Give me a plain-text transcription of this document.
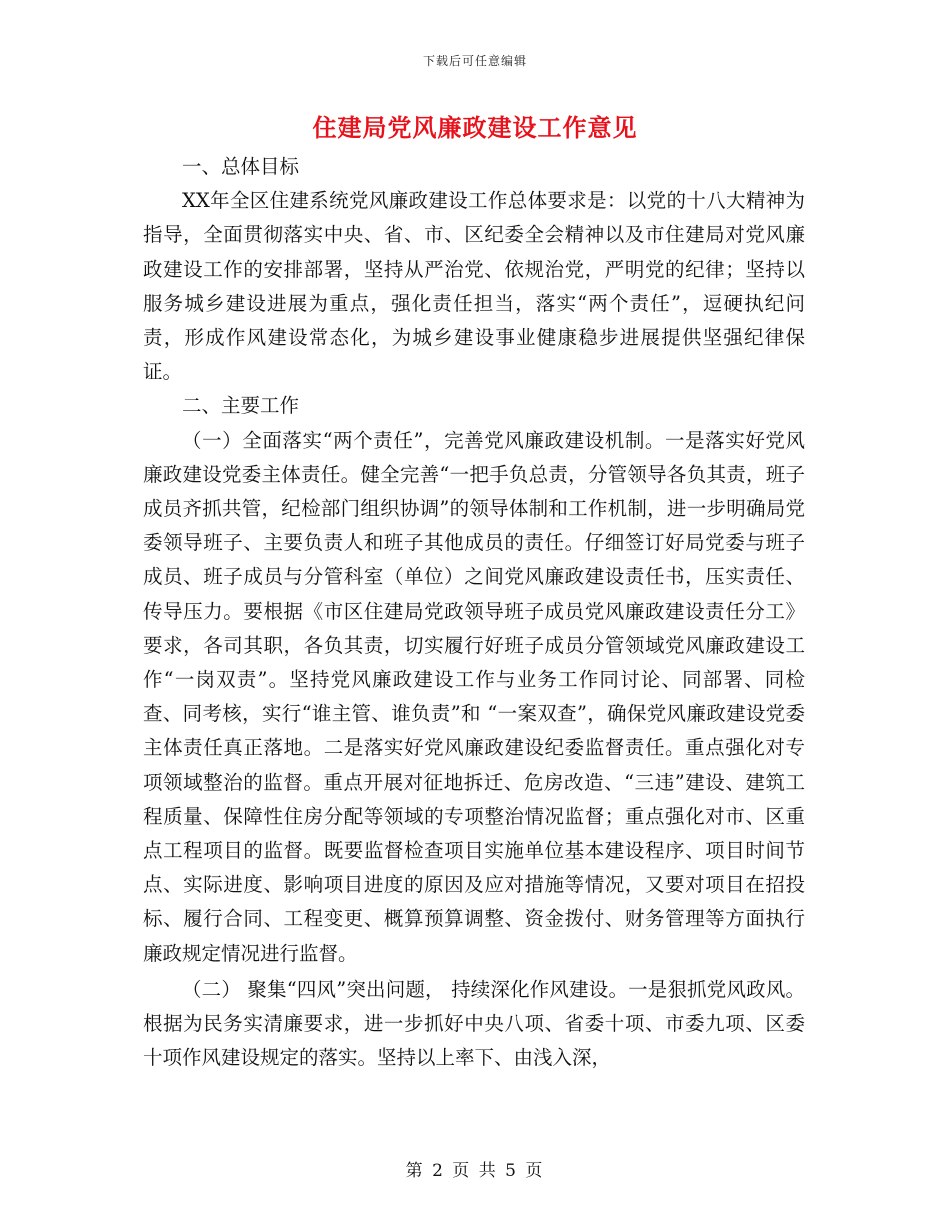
下载后可任意编辑
住建局党风廉政建设工作意见

一、总体目标

XX年全区住建系统党风廉政建设工作总体要求是：以党的十八大精神为指导，全面贯彻落实中央、省、市、区纪委全会精神以及市住建局对党风廉政建设工作的安排部署，坚持从严治党、依规治党，严明党的纪律；坚持以服务城乡建设进展为重点，强化责任担当，落实“两个责任”，逗硬执纪问责，形成作风建设常态化，为城乡建设事业健康稳步进展提供坚强纪律保证。

二、主要工作

（一）全面落实“两个责任”，完善党风廉政建设机制。一是落实好党风廉政建设党委主体责任。健全完善“一把手负总责，分管领导各负其责，班子成员齐抓共管，纪检部门组织协调”的领导体制和工作机制，进一步明确局党委领导班子、主要负责人和班子其他成员的责任。仔细签订好局党委与班子成员、班子成员与分管科室（单位）之间党风廉政建设责任书，压实责任、传导压力。要根据《市区住建局党政领导班子成员党风廉政建设责任分工》要求，各司其职，各负其责，切实履行好班子成员分管领域党风廉政建设工作“一岗双责”。坚持党风廉政建设工作与业务工作同讨论、同部署、同检查、同考核，实行“谁主管、谁负责”和 “一案双查”，确保党风廉政建设党委主体责任真正落地。二是落实好党风廉政建设纪委监督责任。重点强化对专项领域整治的监督。重点开展对征地拆迁、危房改造、“三违”建设、建筑工程质量、保障性住房分配等领域的专项整治情况监督；重点强化对市、区重点工程项目的监督。既要监督检查项目实施单位基本建设程序、项目时间节点、实际进度、影响项目进度的原因及应对措施等情况，又要对项目在招投标、履行合同、工程变更、概算预算调整、资金拨付、财务管理等方面执行廉政规定情况进行监督。

（二） 聚集“四风”突出问题， 持续深化作风建设。一是狠抓党风政风。根据为民务实清廉要求，进一步抓好中央八项、省委十项、市委九项、区委十项作风建设规定的落实。坚持以上率下、由浅入深，

第 2 页 共 5 页
